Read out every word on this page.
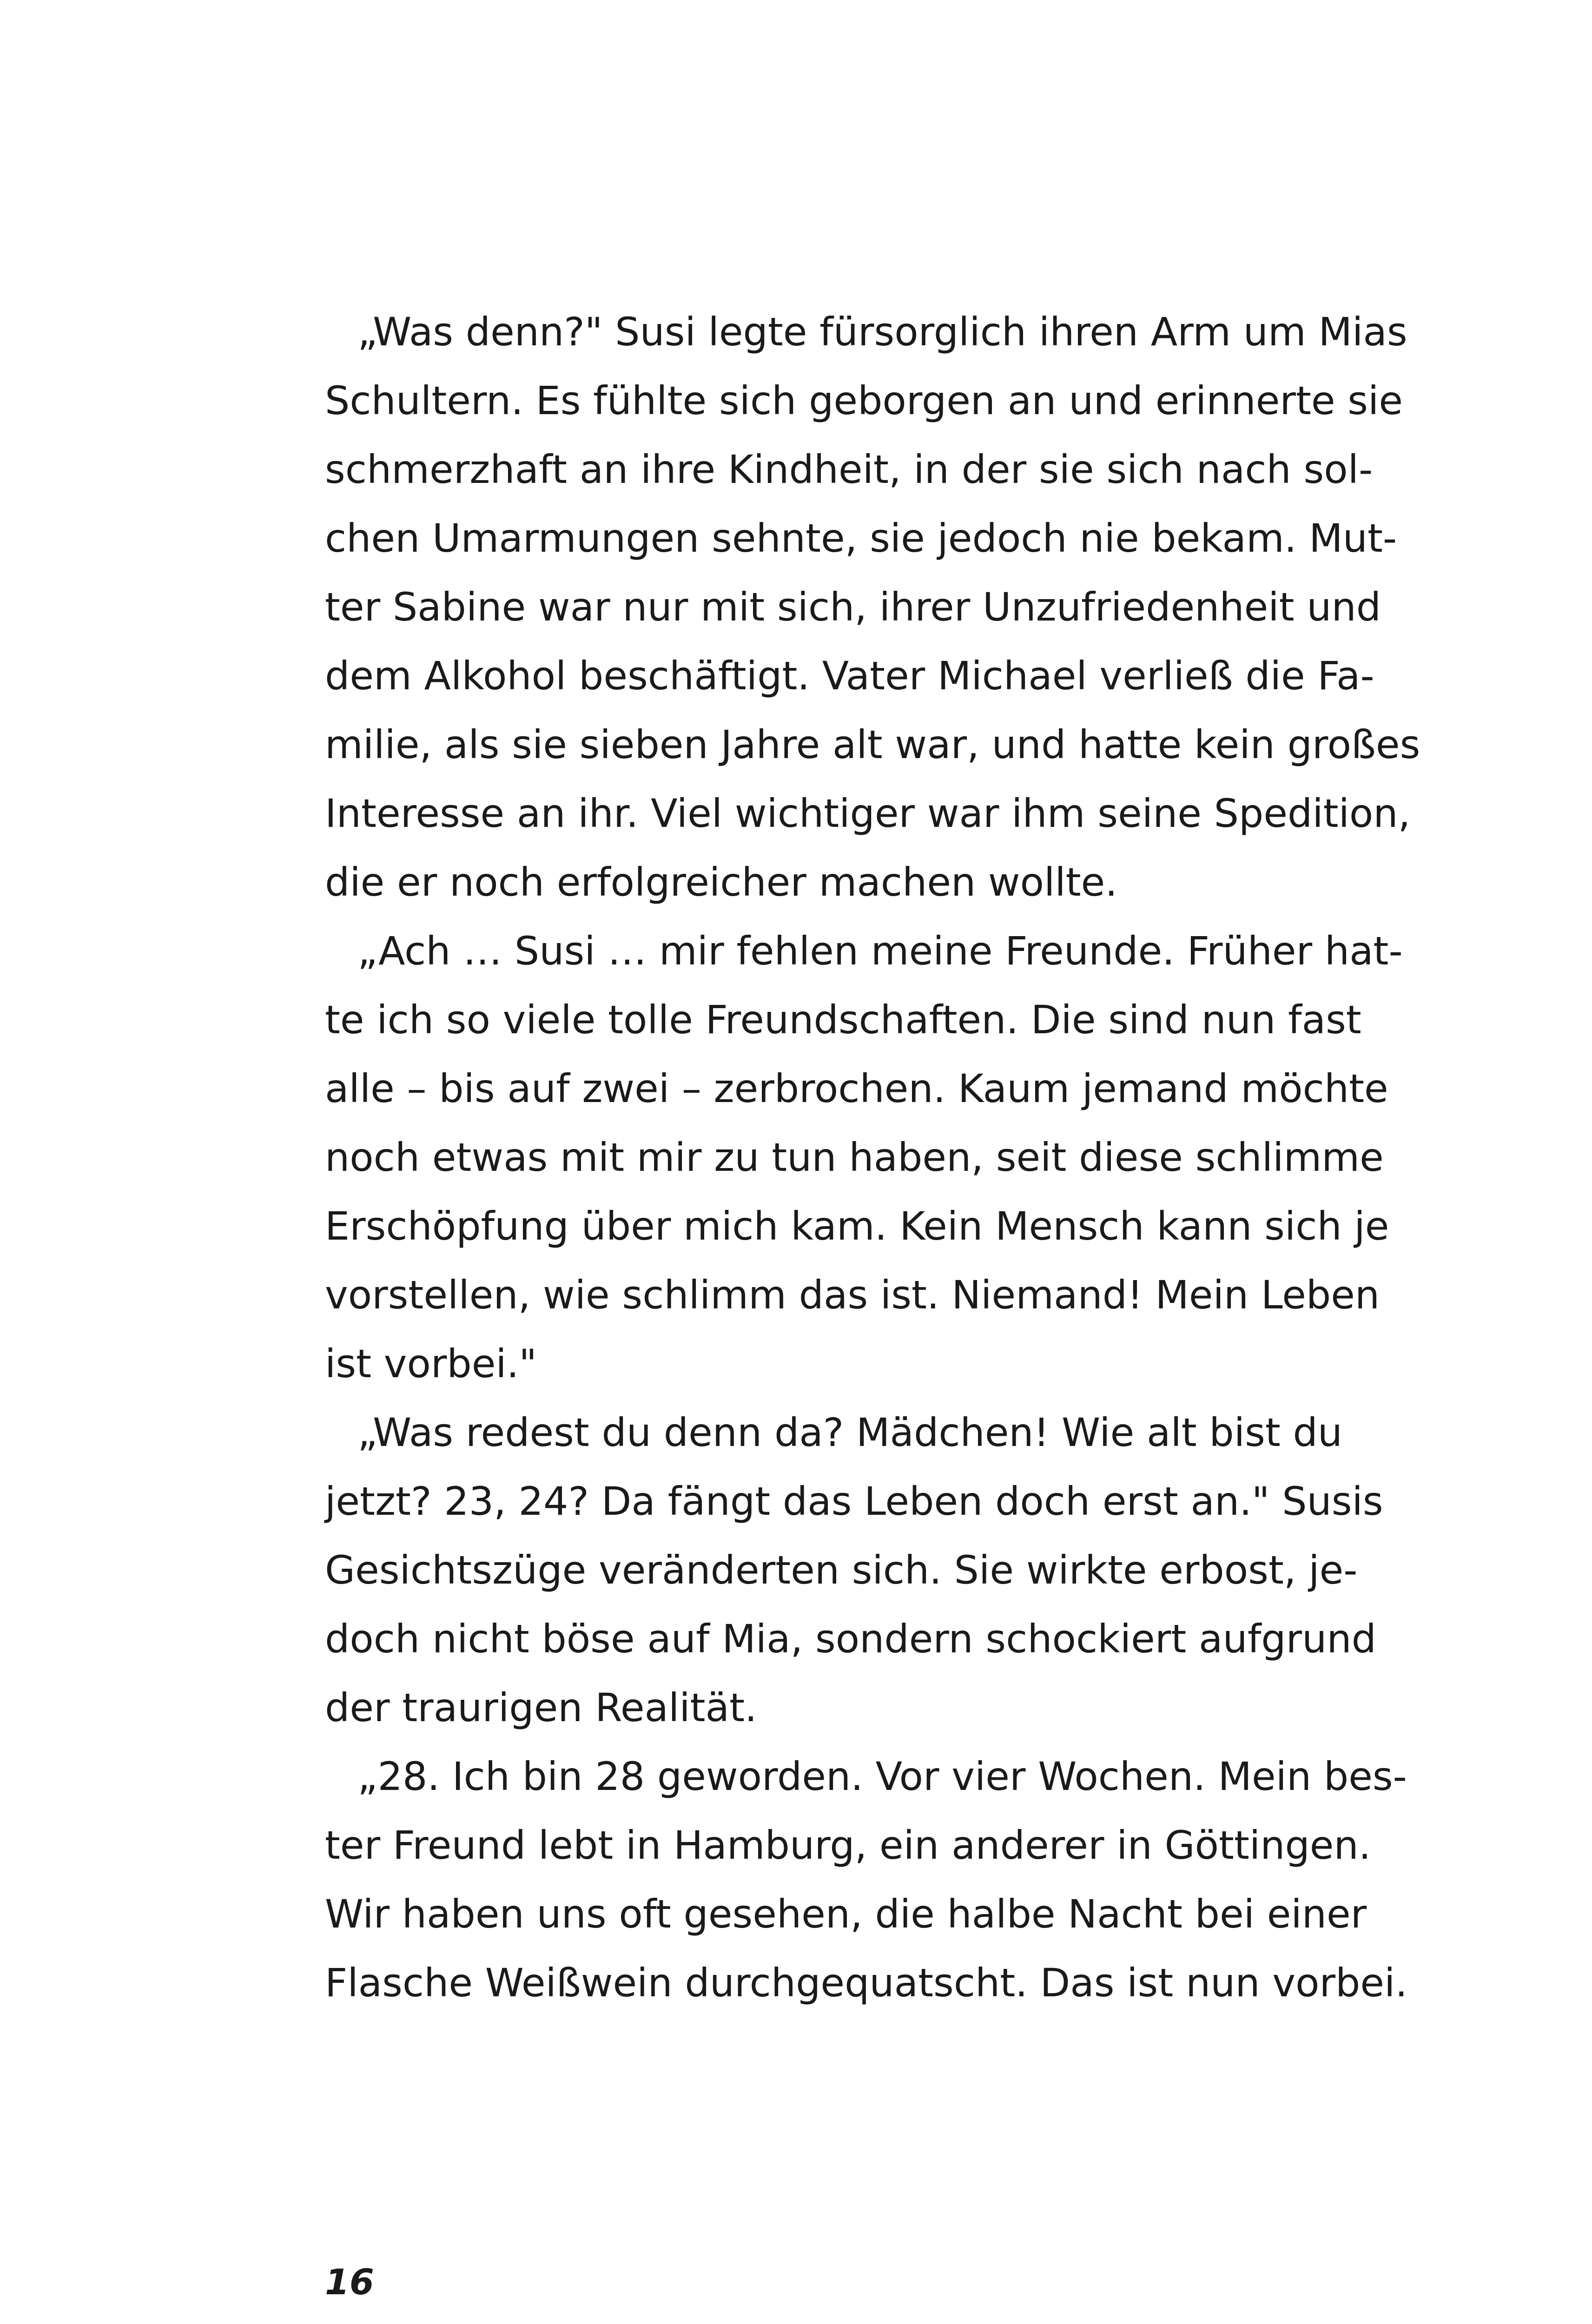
„Was denn?" Susi legte fürsorglich ihren Arm um Mias
Schultern. Es fühlte sich geborgen an und erinnerte sie
schmerzhaft an ihre Kindheit, in der sie sich nach sol-
chen Umarmungen sehnte, sie jedoch nie bekam. Mut-
ter Sabine war nur mit sich, ihrer Unzufriedenheit und
dem Alkohol beschäftigt. Vater Michael verließ die Fa-
milie, als sie sieben Jahre alt war, und hatte kein großes
Interesse an ihr. Viel wichtiger war ihm seine Spedition,
die er noch erfolgreicher machen wollte.
„Ach … Susi … mir fehlen meine Freunde. Früher hat-
te ich so viele tolle Freundschaften. Die sind nun fast
alle – bis auf zwei – zerbrochen. Kaum jemand möchte
noch etwas mit mir zu tun haben, seit diese schlimme
Erschöpfung über mich kam. Kein Mensch kann sich je
vorstellen, wie schlimm das ist. Niemand! Mein Leben
ist vorbei."
„Was redest du denn da? Mädchen! Wie alt bist du
jetzt? 23, 24? Da fängt das Leben doch erst an." Susis
Gesichtszüge veränderten sich. Sie wirkte erbost, je-
doch nicht böse auf Mia, sondern schockiert aufgrund
der traurigen Realität.
„28. Ich bin 28 geworden. Vor vier Wochen. Mein bes-
ter Freund lebt in Hamburg, ein anderer in Göttingen.
Wir haben uns oft gesehen, die halbe Nacht bei einer
Flasche Weißwein durchgequatscht. Das ist nun vorbei.
16
